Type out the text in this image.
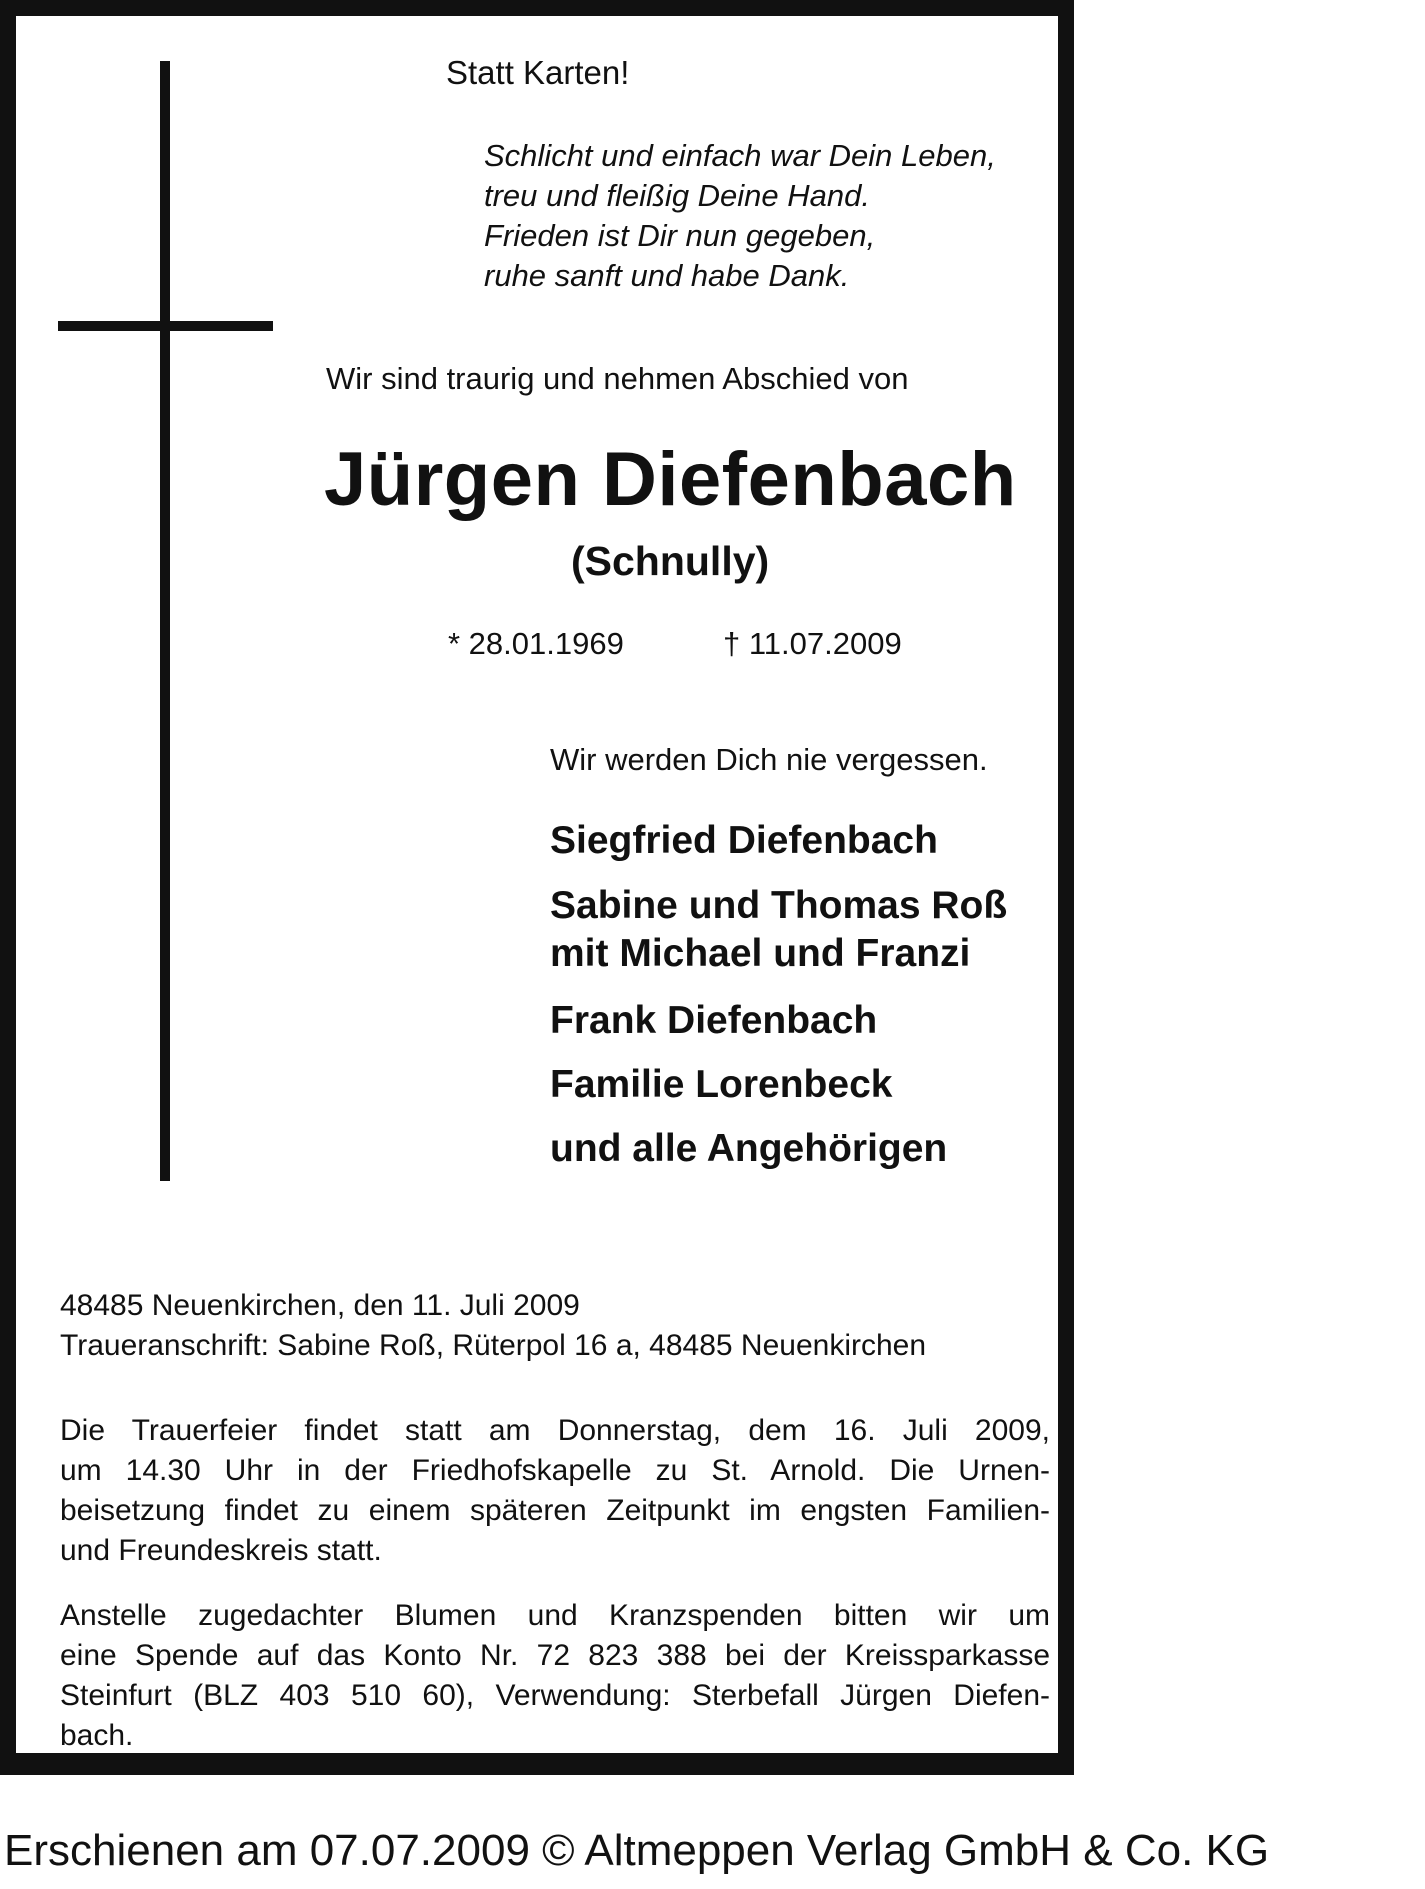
Statt Karten!
Schlicht und einfach war Dein Leben,
treu und fleißig Deine Hand.
Frieden ist Dir nun gegeben,
ruhe sanft und habe Dank.
Wir sind traurig und nehmen Abschied von
Jürgen Diefenbach
(Schnully)
* 28.01.1969	† 11.07.2009
Wir werden Dich nie vergessen.
Siegfried Diefenbach
Sabine und Thomas Roß
mit Michael und Franzi
Frank Diefenbach
Familie Lorenbeck
und alle Angehörigen
48485 Neuenkirchen, den 11. Juli 2009
Traueranschrift: Sabine Roß, Rüterpol 16 a, 48485 Neuenkirchen
Die Trauerfeier findet statt am Donnerstag, dem 16. Juli 2009,
um 14.30 Uhr in der Friedhofskapelle zu St. Arnold. Die Urnen-
beisetzung findet zu einem späteren Zeitpunkt im engsten Familien-
und Freundeskreis statt.
Anstelle zugedachter Blumen und Kranzspenden bitten wir um
eine Spende auf das Konto Nr. 72 823 388 bei der Kreissparkasse
Steinfurt (BLZ 403 510 60), Verwendung: Sterbefall Jürgen Diefen-
bach.
Erschienen am 07.07.2009 © Altmeppen Verlag GmbH & Co. KG
